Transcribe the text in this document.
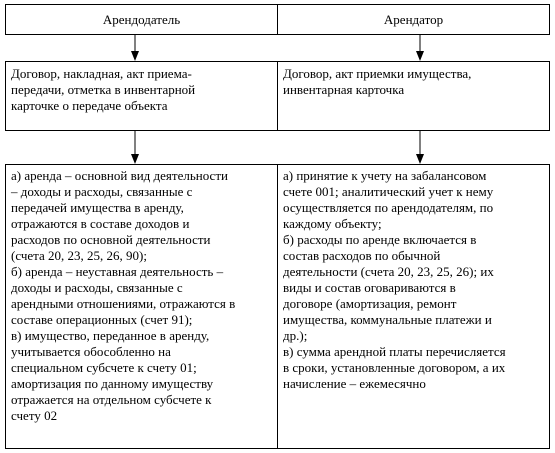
Арендодатель	Арендатор
Договор, накладная, акт приема-
передачи, отметка в инвентарной
карточке о передаче объекта
Договор, акт приемки имущества,
инвентарная карточка
а) аренда – основной вид деятельности
– доходы и расходы, связанные с
передачей имущества в аренду,
отражаются в составе доходов и
расходов по основной деятельности
(счета 20, 23, 25, 26, 90);
б) аренда – неуставная деятельность –
доходы и расходы, связанные с
арендными отношениями, отражаются в
составе операционных (счет 91);
в) имущество, переданное в аренду,
учитывается обособленно на
специальном субсчете к счету 01;
амортизация по данному имуществу
отражается на отдельном субсчете к
счету 02
а) принятие к учету на забалансовом
счете 001; аналитический учет к нему
осуществляется по арендодателям, по
каждому объекту;
б) расходы по аренде включается в
состав расходов по обычной
деятельности (счета 20, 23, 25, 26); их
виды и состав оговариваются в
договоре (амортизация, ремонт
имущества, коммунальные платежи и
др.);
в) сумма арендной платы перечисляется
в сроки, установленные договором, а их
начисление – ежемесячно
